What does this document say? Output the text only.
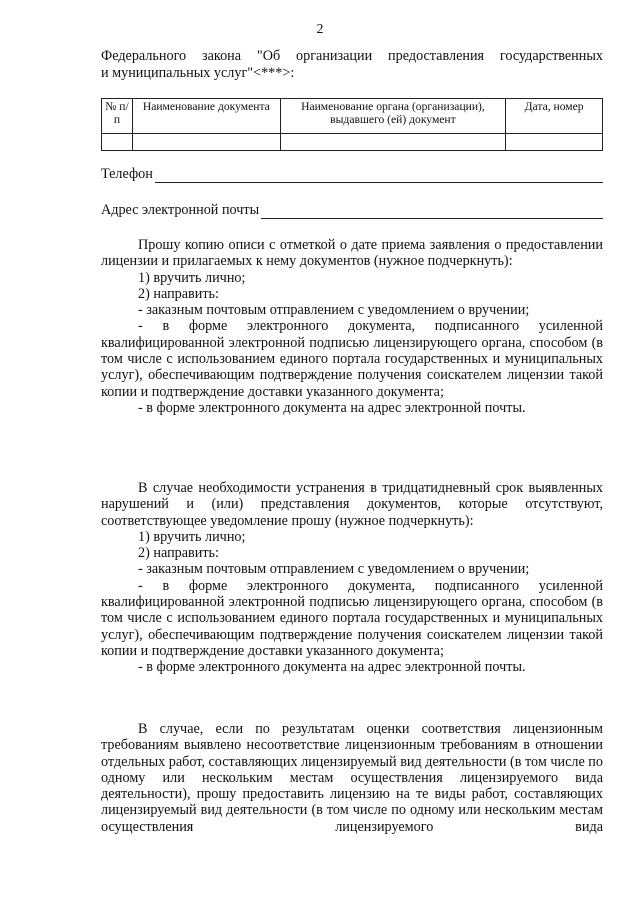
2
Федерального закона "Об организации предоставления государственных
и муниципальных услуг"<***>:
№ п/п	Наименование документа	Наименование органа (организации), выдавшего (ей) документ	Дата, номер

Телефон
Адрес электронной почты

Прошу копию описи с отметкой о дате приема заявления о предоставлении лицензии и прилагаемых к нему документов (нужное подчеркнуть):

1) вручить лично;

2) направить:

- заказным почтовым отправлением с уведомлением о вручении;

- в форме электронного документа, подписанного усиленной квалифицированной электронной подписью лицензирующего органа, способом (в том числе с использованием единого портала государственных и муниципальных услуг), обеспечивающим подтверждение получения соискателем лицензии такой копии и подтверждение доставки указанного документа;

- в форме электронного документа на адрес электронной почты.

В случае необходимости устранения в тридцатидневный срок выявленных нарушений и (или) представления документов, которые отсутствуют, соответствующее уведомление прошу (нужное подчеркнуть):

1) вручить лично;

2) направить:

- заказным почтовым отправлением с уведомлением о вручении;

- в форме электронного документа, подписанного усиленной квалифицированной электронной подписью лицензирующего органа, способом (в том числе с использованием единого портала государственных и муниципальных услуг), обеспечивающим подтверждение получения соискателем лицензии такой копии и подтверждение доставки указанного документа;

- в форме электронного документа на адрес электронной почты.

В случае, если по результатам оценки соответствия лицензионным требованиям выявлено несоответствие лицензионным требованиям в отношении отдельных работ, составляющих лицензируемый вид деятельности (в том числе по одному или нескольким местам осуществления лицензируемого вида деятельности), прошу предоставить лицензию на те виды работ, составляющих лицензируемый вид деятельности (в том числе по одному или нескольким местам осуществления лицензируемого вида
